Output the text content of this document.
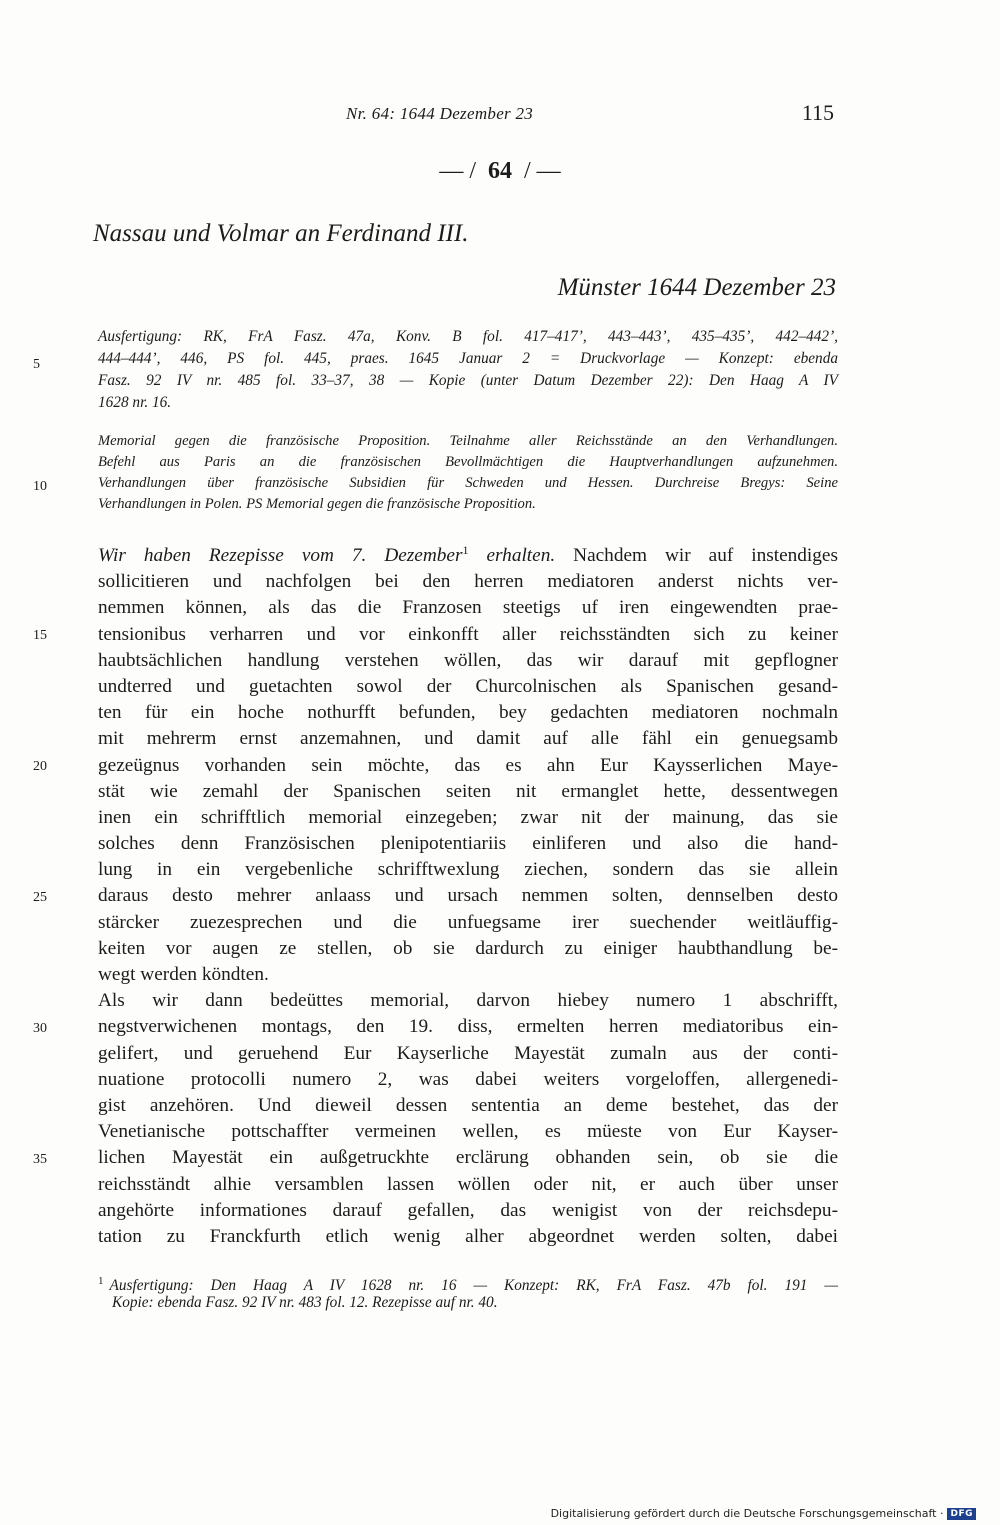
Nr. 64: 1644 Dezember 23	115
— / 64 / —
Nassau und Volmar an Ferdinand III.
Münster 1644 Dezember 23
5
10
15
20
25
30
35
Ausfertigung: RK, FrA Fasz. 47a, Konv. B fol. 417–417’, 443–443’, 435–435’, 442–442’,
444–444’, 446, PS fol. 445, praes. 1645 Januar 2 = Druckvorlage — Konzept: ebenda
Fasz. 92 IV nr. 485 fol. 33–37, 38 — Kopie (unter Datum Dezember 22): Den Haag A IV
1628 nr. 16.
Memorial gegen die französische Proposition. Teilnahme aller Reichsstände an den Verhandlungen.
Befehl aus Paris an die französischen Bevollmächtigen die Hauptverhandlungen aufzunehmen.
Verhandlungen über französische Subsidien für Schweden und Hessen. Durchreise Bregys: Seine
Verhandlungen in Polen. PS Memorial gegen die französische Proposition.
Wir haben Rezepisse vom 7. Dezember$^1$ erhalten. Nachdem wir auf instendiges
sollicitieren und nachfolgen bei den herren mediatoren anderst nichts ver-
nemmen können, als das die Franzosen steetigs uf iren eingewendten prae-
tensionibus verharren und vor einkonfft aller reichsständten sich zu keiner
haubtsächlichen handlung verstehen wöllen, das wir darauf mit gepflogner
undterred und guetachten sowol der Churcolnischen als Spanischen gesand-
ten für ein hoche nothurfft befunden, bey gedachten mediatoren nochmaln
mit mehrerm ernst anzemahnen, und damit auf alle fähl ein genuegsamb
gezeügnus vorhanden sein möchte, das es ahn Eur Kaysserlichen Maye-
stät wie zemahl der Spanischen seiten nit ermanglet hette, dessentwegen
inen ein schrifftlich memorial einzegeben; zwar nit der mainung, das sie
solches denn Französischen plenipotentiariis einliferen und also die hand-
lung in ein vergebenliche schrifftwexlung ziechen, sondern das sie allein
daraus desto mehrer anlaass und ursach nemmen solten, dennselben desto
stärcker zuezesprechen und die unfuegsame irer suechender weitläuffig-
keiten vor augen ze stellen, ob sie dardurch zu einiger haubthandlung be-
wegt werden köndten.
Als wir dann bedeüttes memorial, darvon hiebey numero 1 abschrifft,
negstverwichenen montags, den 19. diss, ermelten herren mediatoribus ein-
gelifert, und geruehend Eur Kayserliche Mayestät zumaln aus der conti-
nuatione protocolli numero 2, was dabei weiters vorgeloffen, allergenedi-
gist anzehören. Und dieweil dessen sententia an deme bestehet, das der
Venetianische pottschaffter vermeinen wellen, es müeste von Eur Kayser-
lichen Mayestät ein außgetruckhte erclärung obhanden sein, ob sie die
reichsständt alhie versamblen lassen wöllen oder nit, er auch über unser
angehörte informationes darauf gefallen, das wenigist von der reichsdepu-
tation zu Franckfurth etlich wenig alher abgeordnet werden solten, dabei
$^1$ Ausfertigung: Den Haag A IV 1628 nr. 16 — Konzept: RK, FrA Fasz. 47b fol. 191 —
Kopie: ebenda Fasz. 92 IV nr. 483 fol. 12. Rezepisse auf nr. 40.
Digitalisierung gefördert durch die Deutsche Forschungsgemeinschaft · DFG
